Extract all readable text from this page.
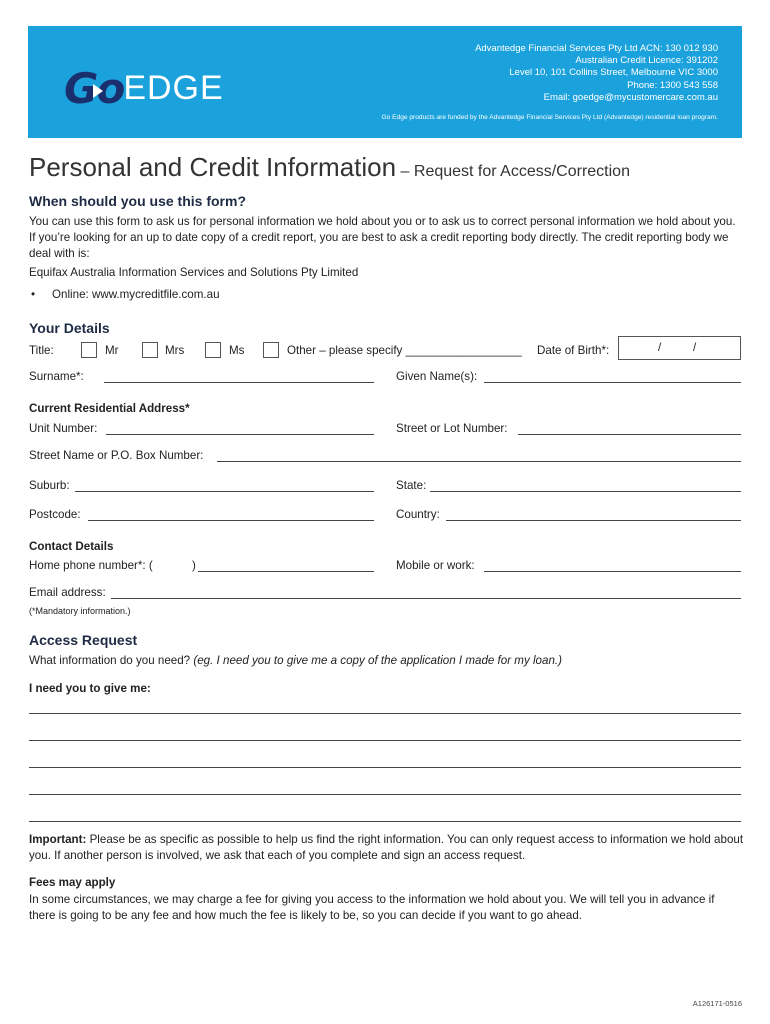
Go EDGE
Advantedge Financial Services Pty Ltd ACN: 130 012 930
Australian Credit Licence: 391202
Level 10, 101 Collins Street, Melbourne VIC 3000
Phone: 1300 543 558
Email: goedge@mycustomercare.com.au
Go Edge products are funded by the Advantedge Financial Services Pty Ltd (Advantedge) residential loan program.
Personal and Credit Information – Request for Access/Correction
When should you use this form?
You can use this form to ask us for personal information we hold about you or to ask us to correct personal information we hold about you. If you’re looking for an up to date copy of a credit report, you are best to ask a credit reporting body directly. The credit reporting body we deal with is:
Equifax Australia Information Services and Solutions Pty Limited
• Online: www.mycreditfile.com.au
Your Details
Title:	Mr	Mrs	Ms	Other – please specify __________________ Date of Birth*:	/	/
Surname*:	Given Name(s):
Current Residential Address*
Unit Number:	Street or Lot Number:
Street Name or P.O. Box Number:
Suburb:	State:
Postcode:	Country:
Contact Details
Home phone number*: (	)	Mobile or work:
Email address:
(*Mandatory information.)
Access Request
What information do you need? (eg. I need you to give me a copy of the application I made for my loan.)
I need you to give me:
Important: Please be as specific as possible to help us find the right information. You can only request access to information we hold about you. If another person is involved, we ask that each of you complete and sign an access request.
Fees may apply
In some circumstances, we may charge a fee for giving you access to the information we hold about you. We will tell you in advance if there is going to be any fee and how much the fee is likely to be, so you can decide if you want to go ahead.
A126171-0516
